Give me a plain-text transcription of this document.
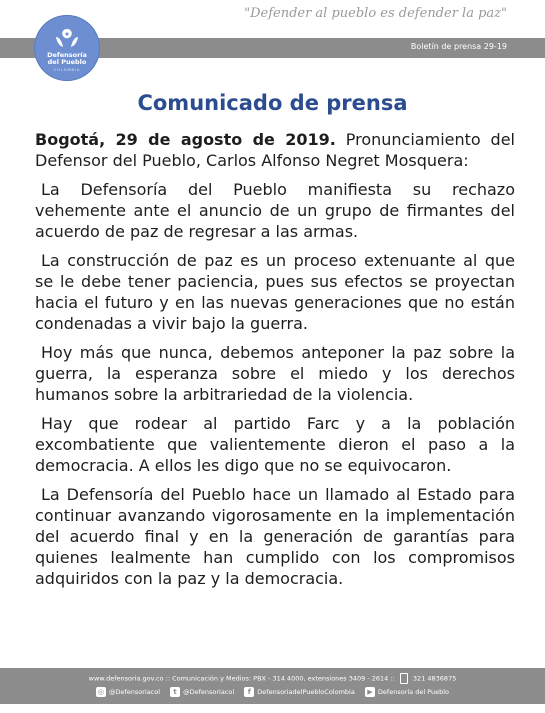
"Defender al pueblo es defender la paz"
Boletín de prensa 29-19
Defensoría
del Pueblo
COLOMBIA
Comunicado de prensa

Bogotá, 29 de agosto de 2019. Pronunciamiento del Defensor del Pueblo, Carlos Alfonso Negret Mosquera:

La Defensoría del Pueblo manifiesta su rechazo vehemente ante el anuncio de un grupo de firmantes del acuerdo de paz de regresar a las armas.

La construcción de paz es un proceso extenuante al que se le debe tener paciencia, pues sus efectos se proyectan hacia el futuro y en las nuevas generaciones que no están condenadas a vivir bajo la guerra.

Hoy más que nunca, debemos anteponer la paz sobre la guerra, la esperanza sobre el miedo y los derechos humanos sobre la arbitrariedad de la violencia.

Hay que rodear al partido Farc y a la población excombatiente que valientemente dieron el paso a la democracia. A ellos les digo que no se equivocaron.

La Defensoría del Pueblo hace un llamado al Estado para continuar avanzando vigorosamente en la implementación del acuerdo final y en la generación de garantías para quienes lealmente han cumplido con los compromisos adquiridos con la paz y la democracia.

www.defensoria.gov.co :: Comunicación y Medios: PBX - 314 4000, extensiones 3409 - 2614 ::	321 4836875
◎ @Defensoriacol
	t @Defensoriacol
	f DefensoriadelPuebloColombia
	▶ Defensoría del Pueblo
